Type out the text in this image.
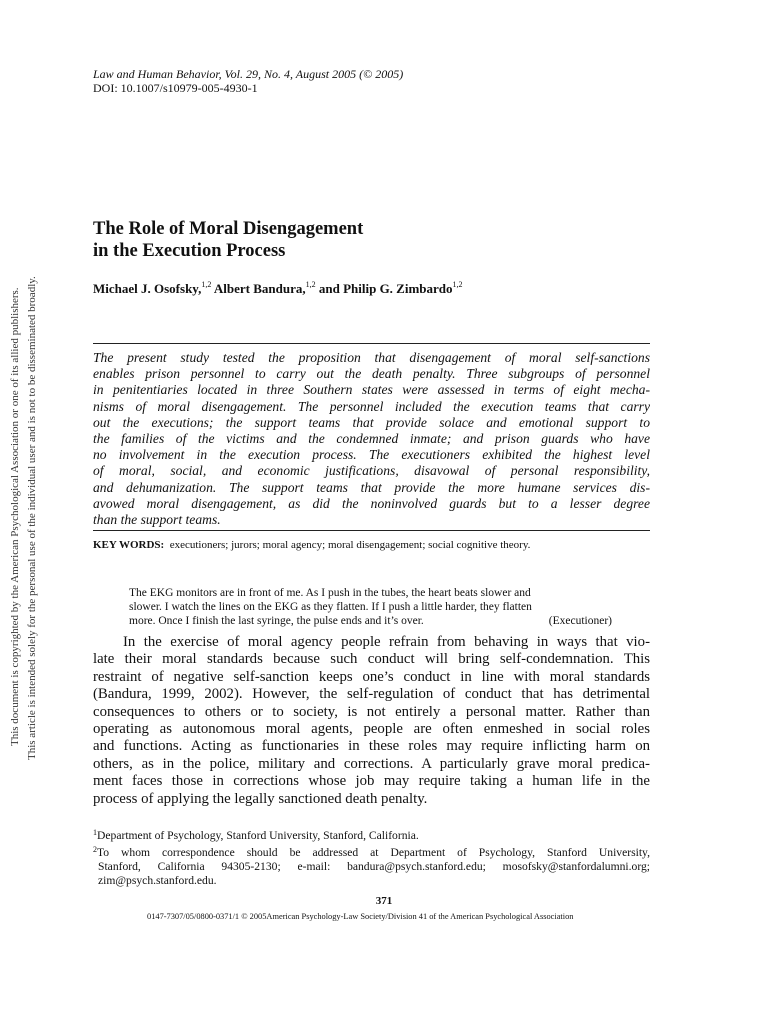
This document is copyrighted by the American Psychological Association or one of its allied publishers. This article is intended solely for the personal use of the individual user and is not to be disseminated broadly.
Law and Human Behavior, Vol. 29, No. 4, August 2005 (© 2005)
DOI: 10.1007/s10979-005-4930-1
The Role of Moral Disengagement
in the Execution Process
Michael J. Osofsky,$^{1,2}$ Albert Bandura,$^{1,2}$ and Philip G. Zimbardo$^{1,2}$
The present study tested the proposition that disengagement of moral self-sanctions
enables prison personnel to carry out the death penalty. Three subgroups of personnel
in penitentiaries located in three Southern states were assessed in terms of eight mecha-
nisms of moral disengagement. The personnel included the execution teams that carry
out the executions; the support teams that provide solace and emotional support to
the families of the victims and the condemned inmate; and prison guards who have
no involvement in the execution process. The executioners exhibited the highest level
of moral, social, and economic justifications, disavowal of personal responsibility,
and dehumanization. The support teams that provide the more humane services dis-
avowed moral disengagement, as did the noninvolved guards but to a lesser degree
than the support teams.
KEY WORDS: executioners; jurors; moral agency; moral disengagement; social cognitive theory.
The EKG monitors are in front of me. As I push in the tubes, the heart beats slower and
slower. I watch the lines on the EKG as they flatten. If I push a little harder, they flatten
more. Once I finish the last syringe, the pulse ends and it’s over.	(Executioner)
In the exercise of moral agency people refrain from behaving in ways that vio-
late their moral standards because such conduct will bring self-condemnation. This
restraint of negative self-sanction keeps one’s conduct in line with moral standards
(Bandura, 1999, 2002). However, the self-regulation of conduct that has detrimental
consequences to others or to society, is not entirely a personal matter. Rather than
operating as autonomous moral agents, people are often enmeshed in social roles
and functions. Acting as functionaries in these roles may require inflicting harm on
others, as in the police, military and corrections. A particularly grave moral predica-
ment faces those in corrections whose job may require taking a human life in the
process of applying the legally sanctioned death penalty.
$^1$Department of Psychology, Stanford University, Stanford, California.
$^2$To whom correspondence should be addressed at Department of Psychology, Stanford University,
Stanford, California 94305-2130; e-mail: bandura@psych.stanford.edu; mosofsky@stanfordalumni.org;
zim@psych.stanford.edu.
371
0147-7307/05/0800-0371/1 © 2005American Psychology-Law Society/Division 41 of the American Psychological Association
